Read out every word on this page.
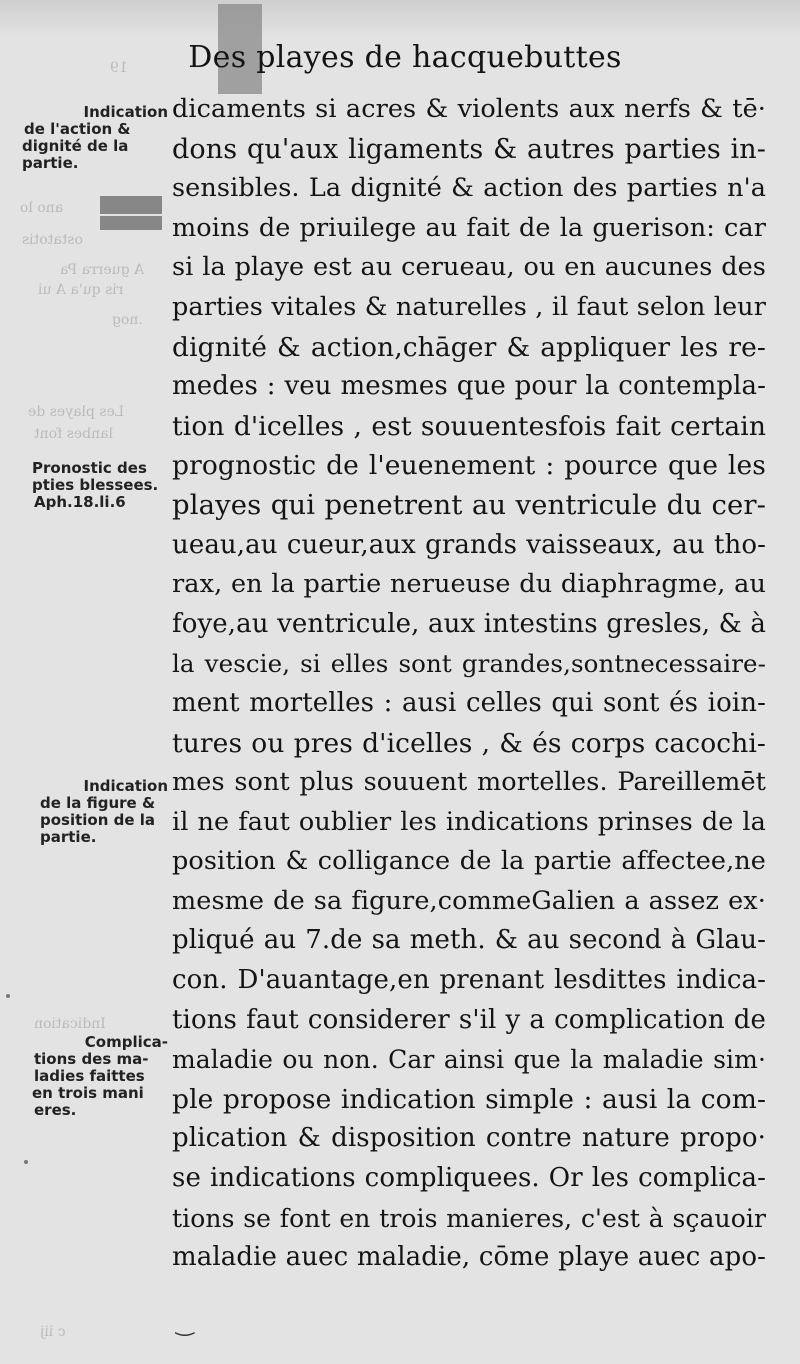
19
ano lo
ostatotis
A guerra Pa
ris qu'a A ui
.nog
Les playes de
lanbes font
Indication
c iij
Des playes de hacquebuttes
Indication
de l'action &
dignité de la
partie.
Pronostic des
pties blessees.
Aph.18.li.6
Indication
de la figure &
position de la
partie.
Complica-
tions des ma-
ladies faittes
en trois mani
eres.
dicaments si acres & violents aux nerfs & tē·
dons qu'aux ligaments & autres parties in-
sensibles. La dignité & action des parties n'a
moins de priuilege au fait de la guerison: car
si la playe est au cerueau, ou en aucunes des
parties vitales & naturelles , il faut selon leur
dignité & action,chāger & appliquer les re-
medes : veu mesmes que pour la contempla-
tion d'icelles , est souuentesfois fait certain
prognostic de l'euenement : pource que les
playes qui penetrent au ventricule du cer-
ueau,au cueur,aux grands vaisseaux, au tho-
rax, en la partie nerueuse du diaphragme, au
foye,au ventricule, aux intestins gresles, & à
la vescie, si elles sont grandes,sontnecessaire-
ment mortelles : ausi celles qui sont és ioin-
tures ou pres d'icelles , & és corps cacochi-
mes sont plus souuent mortelles. Pareillemēt
il ne faut oublier les indications prinses de la
position & colligance de la partie affectee,ne
mesme de sa figure,commeGalien a assez ex·
pliqué au 7.de sa meth. & au second à Glau-
con. D'auantage,en prenant lesdittes indica-
tions faut considerer s'il y a complication de
maladie ou non. Car ainsi que la maladie sim·
ple propose indication simple : ausi la com-
plication & disposition contre nature propo·
se indications compliquees. Or les complica-
tions se font en trois manieres, c'est à sçauoir
maladie auec maladie, cōme playe auec apo-
‿
